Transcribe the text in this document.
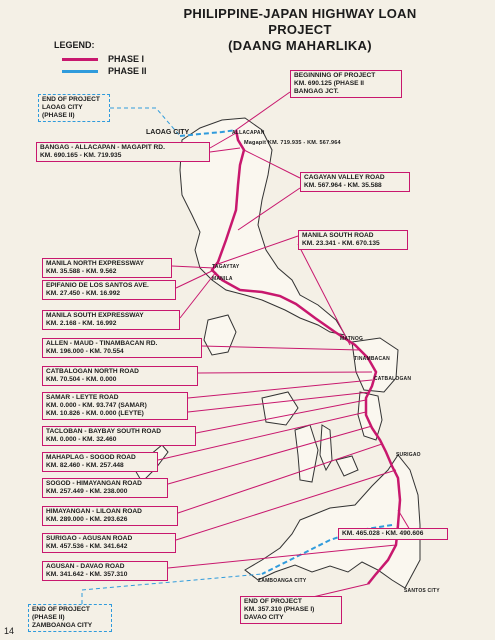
PHILIPPINE-JAPAN HIGHWAY LOAN PROJECT
(DAANG MAHARLIKA)
LEGEND:
PHASE I
PHASE II
LAOAG CITY	ALLACAPAN
Magapit KM. 719.935 - KM. 567.964
TAGAYTAY
MANILA
MATNOG
TINAMBACAN
CATBALOGAN
SURIGAO
ZAMBOANGA CITY
SANTOS CITY
END OF PROJECT
LAOAG CITY
(PHASE II)
BEGINNING OF PROJECT
KM. 690.125 (PHASE II
BANGAG JCT.
BANGAG - ALLACAPAN - MAGAPIT RD.
KM. 690.165 - KM. 719.935
CAGAYAN VALLEY ROAD
KM. 567.964 - KM. 35.588
MANILA SOUTH ROAD
KM. 23.341 - KM. 670.135
MANILA NORTH EXPRESSWAY
KM. 35.588 - KM. 9.562
EPIFANIO DE LOS SANTOS AVE.
KM. 27.450 - KM. 16.992
MANILA SOUTH EXPRESSWAY
KM. 2.168 - KM. 16.992
ALLEN - MAUD - TINAMBACAN RD.
KM. 196.000 - KM. 70.554
CATBALOGAN NORTH ROAD
KM. 70.504 - KM. 0.000
SAMAR - LEYTE ROAD
KM. 0.000 - KM. 93.747 (SAMAR)
KM. 10.826 - KM. 0.000 (LEYTE)
TACLOBAN - BAYBAY SOUTH ROAD
KM. 0.000 - KM. 32.460
MAHAPLAG - SOGOD ROAD
KM. 82.460 - KM. 257.448
SOGOD - HIMAYANGAN ROAD
KM. 257.449 - KM. 238.000
HIMAYANGAN - LILOAN ROAD
KM. 289.000 - KM. 293.626
SURIGAO - AGUSAN ROAD
KM. 457.536 - KM. 341.642
AGUSAN - DAVAO ROAD
KM. 341.642 - KM. 357.310
KM. 465.028 - KM. 490.606
END OF PROJECT
(PHASE II)
ZAMBOANGA CITY
END OF PROJECT
KM. 357.310 (PHASE I)
DAVAO CITY
14
